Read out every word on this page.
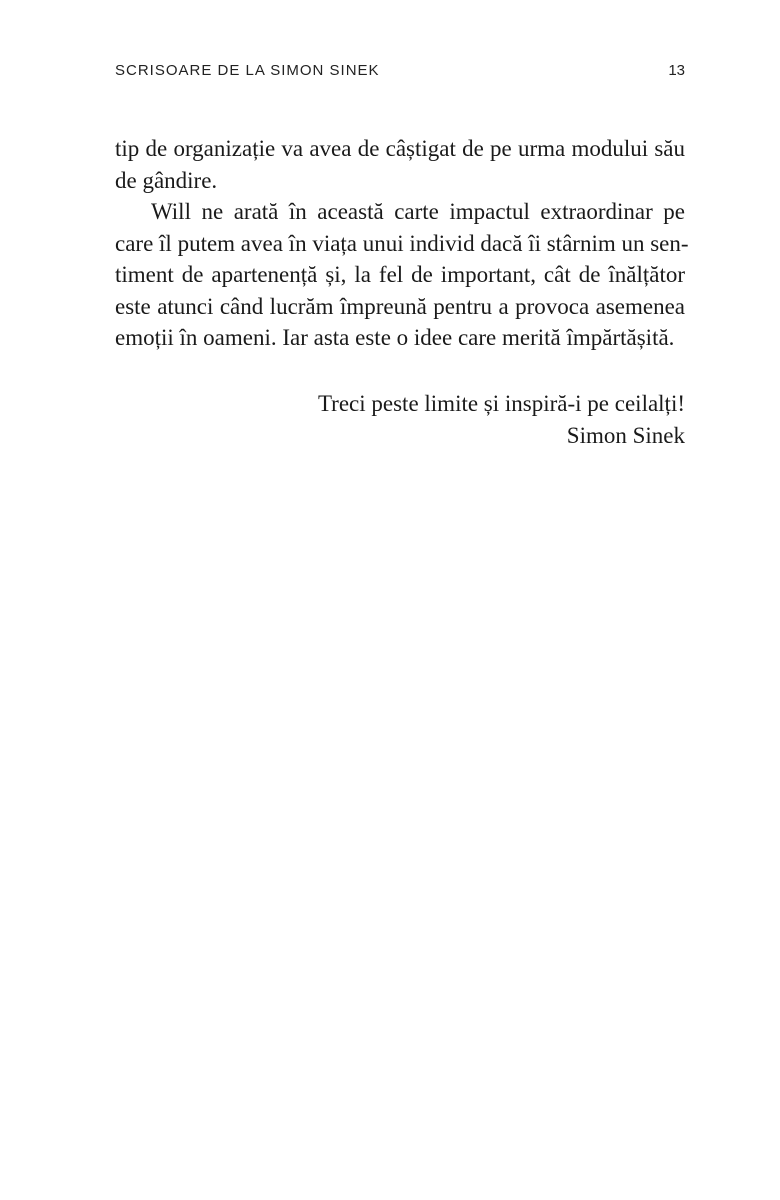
SCRISOARE DE LA SIMON SINEK	13
tip de organizație va avea de câștigat de pe urma modului său
de gândire.
Will ne arată în această carte impactul extraordinar pe
care îl putem avea în viața unui individ dacă îi stârnim un sen-
timent de apartenență și, la fel de important, cât de înălțător
este atunci când lucrăm împreună pentru a provoca asemenea
emoții în oameni. Iar asta este o idee care merită împărtășită.
Treci peste limite și inspiră-i pe ceilalți!
Simon Sinek
